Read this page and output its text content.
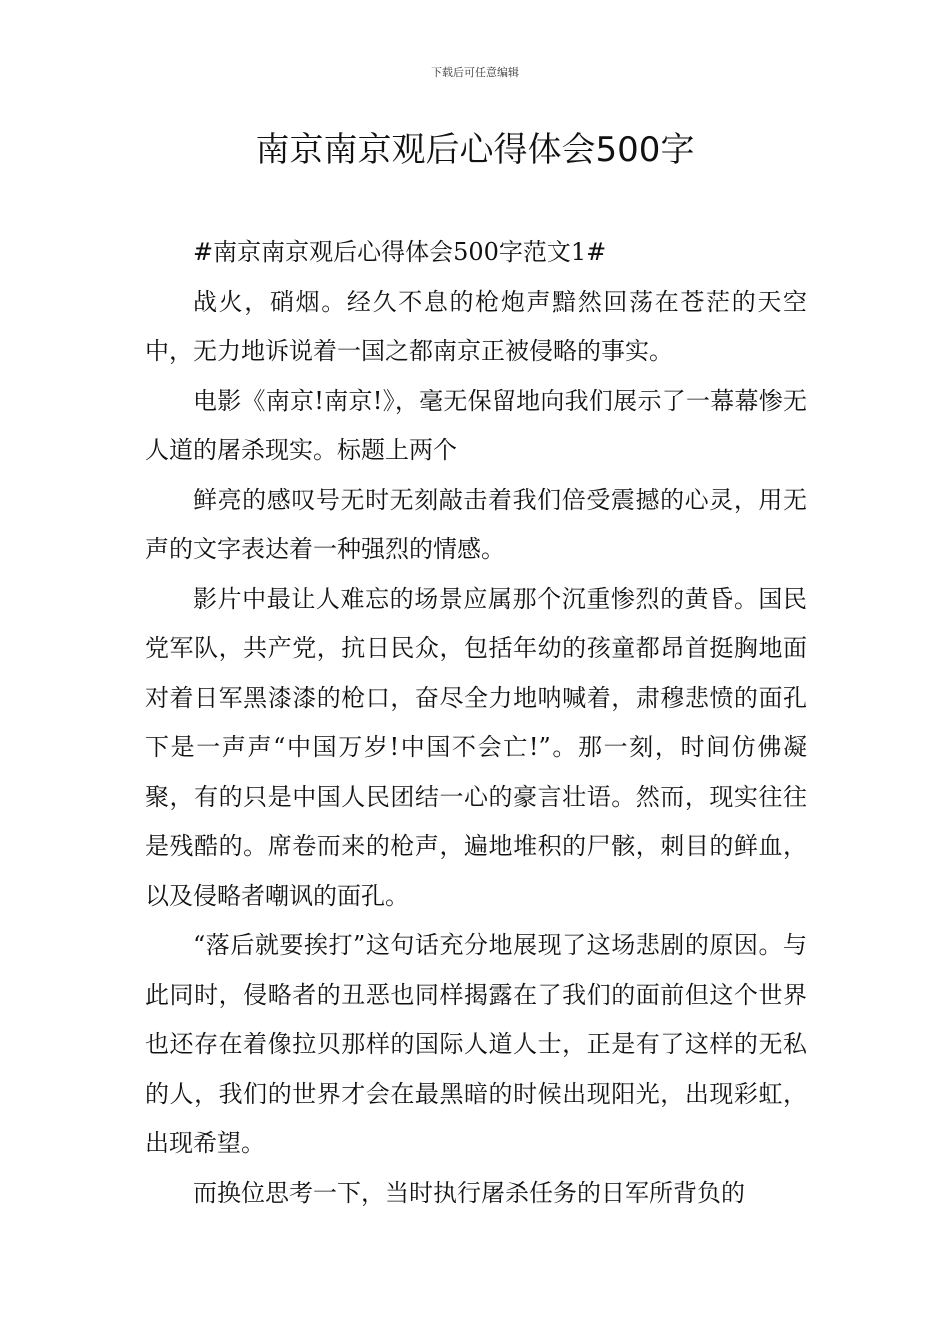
下载后可任意编辑
南京南京观后心得体会500字

#南京南京观后心得体会500字范文1#

战火，硝烟。经久不息的枪炮声黯然回荡在苍茫的天空中，无力地诉说着一国之都南京正被侵略的事实。

电影《南京!南京!》，毫无保留地向我们展示了一幕幕惨无人道的屠杀现实。标题上两个

鲜亮的感叹号无时无刻敲击着我们倍受震撼的心灵，用无声的文字表达着一种强烈的情感。

影片中最让人难忘的场景应属那个沉重惨烈的黄昏。国民党军队，共产党，抗日民众，包括年幼的孩童都昂首挺胸地面对着日军黑漆漆的枪口，奋尽全力地呐喊着，肃穆悲愤的面孔下是一声声“中国万岁!中国不会亡!”。那一刻，时间仿佛凝聚，有的只是中国人民团结一心的豪言壮语。然而，现实往往是残酷的。席卷而来的枪声，遍地堆积的尸骸，刺目的鲜血，以及侵略者嘲讽的面孔。

“落后就要挨打”这句话充分地展现了这场悲剧的原因。与此同时，侵略者的丑恶也同样揭露在了我们的面前但这个世界也还存在着像拉贝那样的国际人道人士，正是有了这样的无私的人，我们的世界才会在最黑暗的时候出现阳光，出现彩虹，出现希望。

而换位思考一下，当时执行屠杀任务的日军所背负的
